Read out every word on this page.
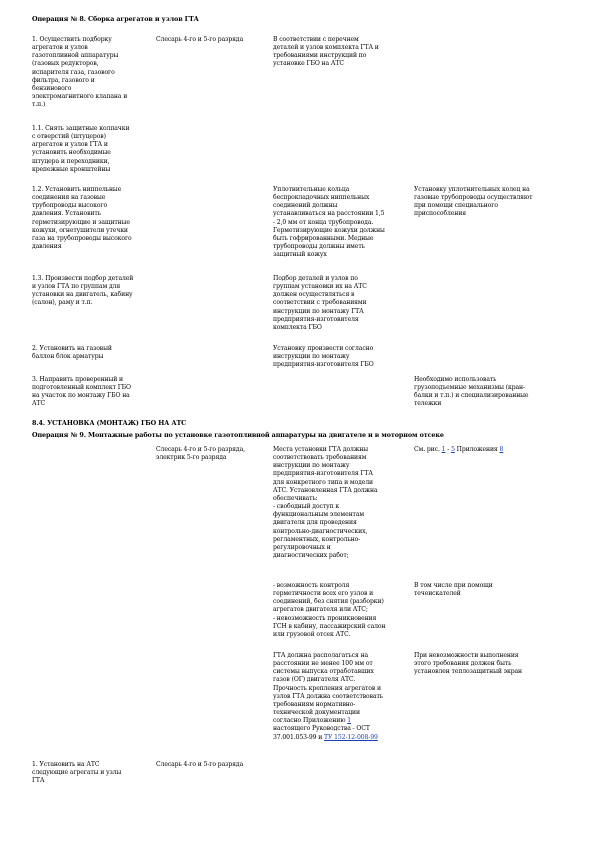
Операция № 8. Сборка агрегатов и узлов ГТА
1. Осуществить подборку
агрегатов и узлов
газотопливной аппаратуры
(газовых редукторов,
испарителя газа, газового
фильтра, газового и
бензинового
электромагнитного клапана и
т.п.)
Слесарь 4-го и 5-го разряда	В соответствии с перечнем
деталей и узлов комплекта ГТА и
требованиями инструкций по
установке ГБО на АТС
1.1. Снять защитные колпачки
с отверстий (штуцеров)
агрегатов и узлов ГТА и
установить необходимые
штуцера и переходники,
крепежные кронштейны
1.2. Установить ниппельные
соединения на газовые
трубопроводы высокого
давления. Установить
герметизирующие и защитные
кожухи, огнетушители утечки
газа на трубопроводы высокого
давления
Уплотнительные кольца
беспрокладочных ниппельных
соединений должны
устанавливаться на расстоянии 1,5
- 2,0 мм от конца трубопровода.
Герметизирующие кожухи должны
быть гофрированными. Медные
трубопроводы должны иметь
защитный кожух
Установку уплотнительных колец на
газовые трубопроводы осуществляют
при помощи специального
приспособления
1.3. Произвести подбор деталей
и узлов ГТА по группам для
установки на двигатель, кабину
(салон), раму и т.п.
Подбор деталей и узлов по
группам установки их на АТС
должен осуществляться в
соответствии с требованиями
инструкции по монтажу ГТА
предприятия-изготовителя
комплекта ГБО
2. Установить на газовый
баллон блок арматуры
Установку произвести согласно
инструкции по монтажу
предприятия-изготовителя ГБО
3. Направить проверенный и
подготовленный комплект ГБО
на участок по монтажу ГБО на
АТС
Необходимо использовать
грузоподъемные механизмы (кран-
балки и т.п.) и специализированные
тележки
8.4. УСТАНОВКА (МОНТАЖ) ГБО НА АТС
Операция № 9. Монтажные работы по установке газотопливной аппаратуры на двигателе и в моторном отсеке
Слесарь 4-го и 5-го разряда,
электрик 5-го разряда
Места установки ГТА должны
соответствовать требованиям
инструкции по монтажу
предприятия-изготовителя ГТА
для конкретного типа и модели
АТС. Установленная ГТА должна
обеспечивать:
- свободный доступ к
функциональным элементам
двигателя для проведения
контрольно-диагностических,
регламентных, контрольно-
регулировочных и
диагностических работ;
См. рис. 1 - 5 Приложения 8
- возможность контроля
герметичности всех его узлов и
соединений, без снятия (разборки)
агрегатов двигателя или АТС;
- невозможность проникновения
ГСН в кабину, пассажирский салон
или грузовой отсек АТС.
В том числе при помощи
течеискателей
ГТА должна располагаться на
расстоянии не менее 100 мм от
системы выпуска отработавших
газов (ОГ) двигателя АТС.
Прочность крепления агрегатов и
узлов ГТА должна соответствовать
требованиям нормативно-
технической документации
согласно Приложению 1
настоящего Руководства - ОСТ
37.001.053-99 и ТУ 152-12-008-99
При невозможности выполнения
этого требования должен быть
установлен теплозащитный экран
1. Установить на АТС
следующие агрегаты и узлы
ГТА
Слесарь 4-го и 5-го разряда
